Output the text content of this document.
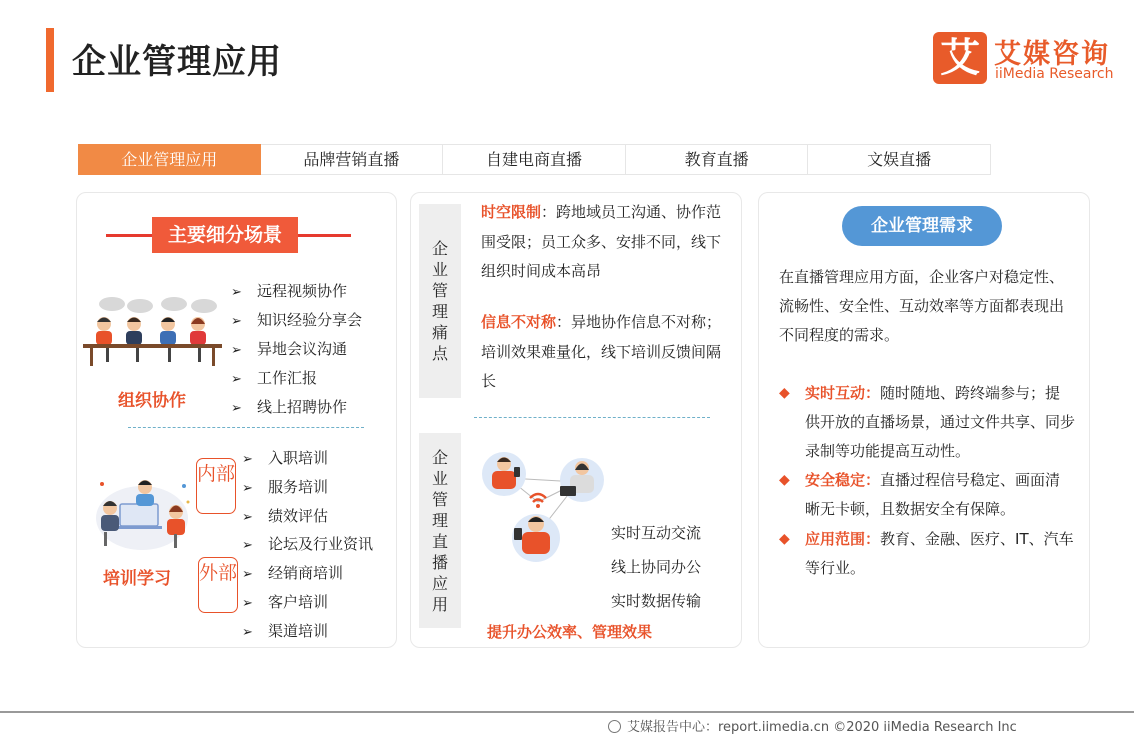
企业管理应用	艾 艾媒咨询
iiMedia Research
企业管理应用	品牌营销直播	自建电商直播	教育直播	文娱直播
主要细分场景
➢ 远程视频协作
➢ 知识经验分享会
➢ 异地会议沟通
➢ 工作汇报
➢ 线上招聘协作
组织协作
内部
外部
培训学习
➢ 入职培训
➢ 服务培训
➢ 绩效评估
➢ 论坛及行业资讯
➢ 经销商培训
➢ 客户培训
➢ 渠道培训
企
业
管
理
痛
点
时空限制：跨地域员工沟通、协作范围受限；员工众多、安排不同，线下组织时间成本高昂
信息不对称：异地协作信息不对称；培训效果难量化，线下培训反馈间隔长
企
业
管
理
直
播
应
用
实时互动交流
线上协同办公
实时数据传输
提升办公效率、管理效果
企业管理需求
在直播管理应用方面，企业客户对稳定性、流畅性、安全性、互动效率等方面都表现出不同程度的需求。
◆ 实时互动：随时随地、跨终端参与；提供开放的直播场景，通过文件共享、同步录制等功能提高互动性。
◆ 安全稳定：直播过程信号稳定、画面清晰无卡顿，且数据安全有保障。
◆ 应用范围：教育、金融、医疗、IT、汽车等行业。
艾媒报告中心：report.iimedia.cn ©2020 iiMedia Research Inc
